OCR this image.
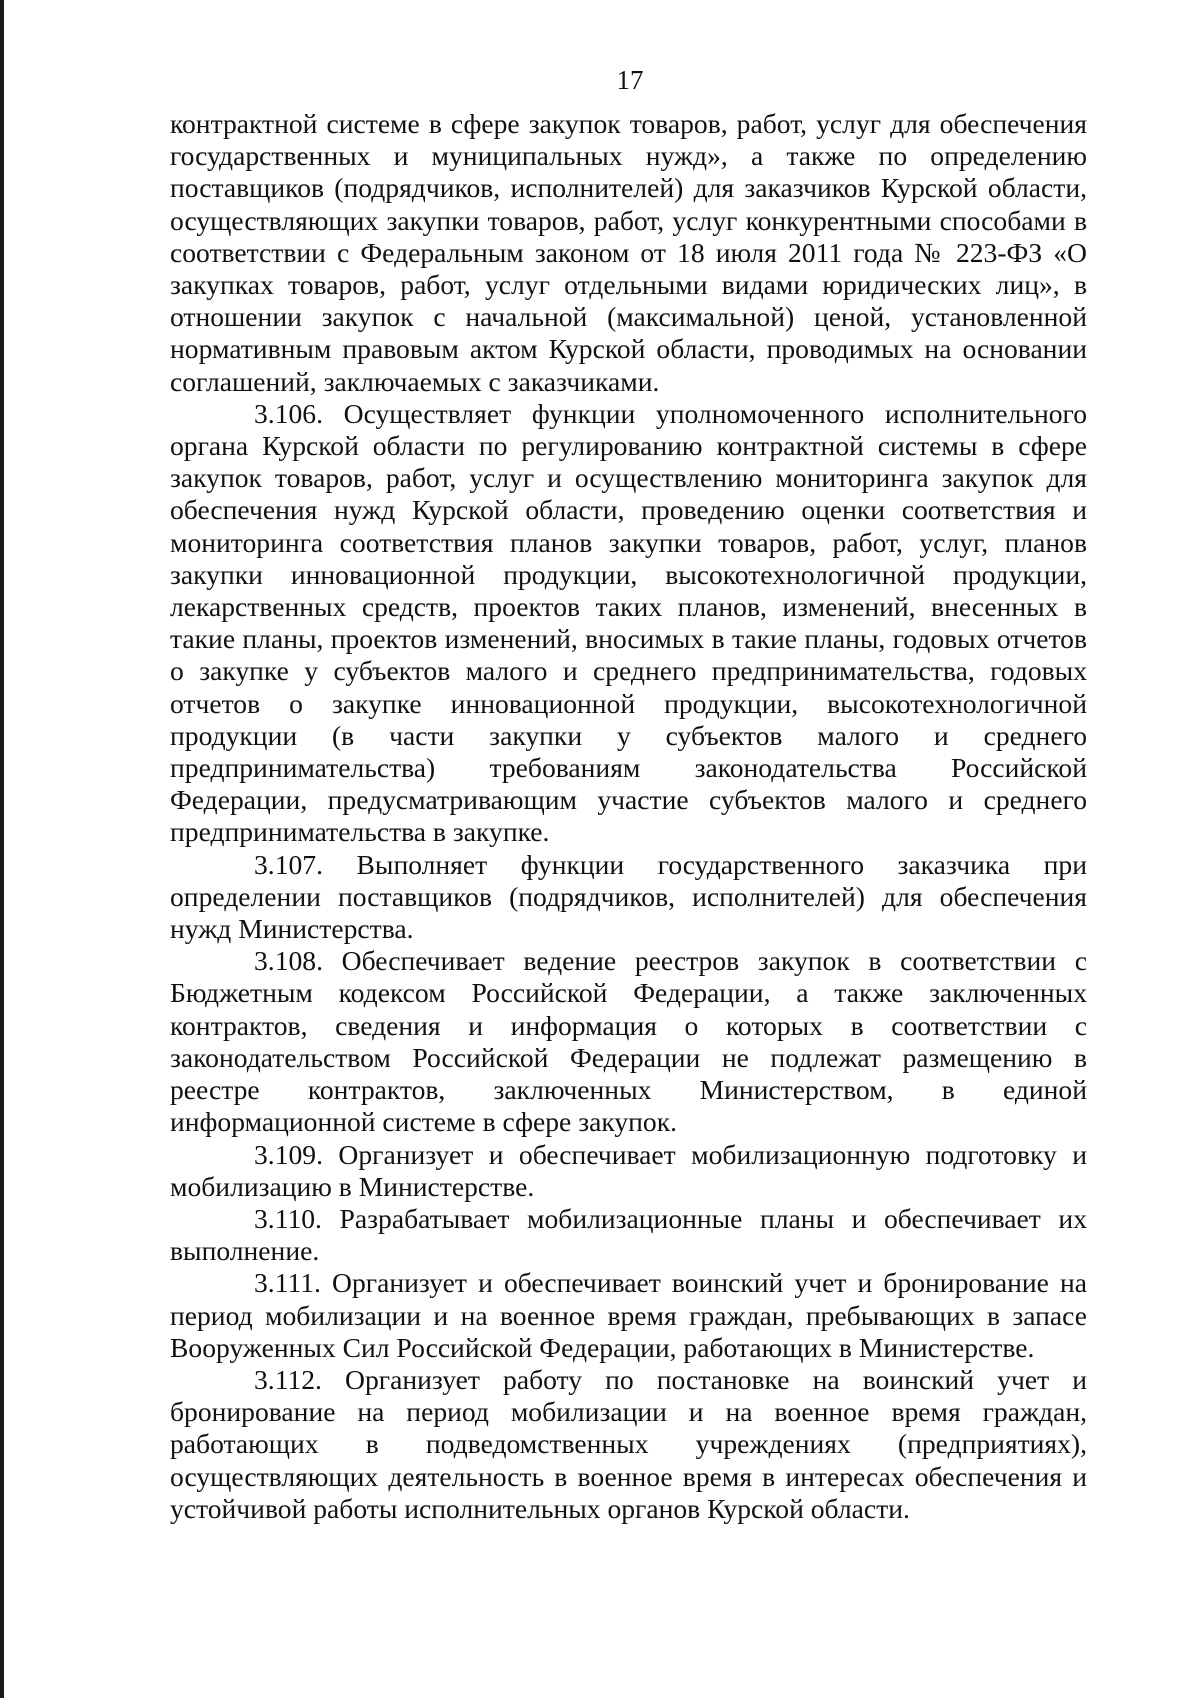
17

контрактной системе в сфере закупок товаров, работ, услуг для обеспечения государственных и муниципальных нужд», а также по определению поставщиков (подрядчиков, исполнителей) для заказчиков Курской области, осуществляющих закупки товаров, работ, услуг конкурентными способами в соответствии с Федеральным законом от 18 июля 2011 года № 223-ФЗ «О закупках товаров, работ, услуг отдельными видами юридических лиц», в отношении закупок с начальной (максимальной) ценой, установленной нормативным правовым актом Курской области, проводимых на основании соглашений, заключаемых с заказчиками.

3.106. Осуществляет функции уполномоченного исполнительного органа Курской области по регулированию контрактной системы в сфере закупок товаров, работ, услуг и осуществлению мониторинга закупок для обеспечения нужд Курской области, проведению оценки соответствия и мониторинга соответствия планов закупки товаров, работ, услуг, планов закупки инновационной продукции, высокотехнологичной продукции, лекарственных средств, проектов таких планов, изменений, внесенных в такие планы, проектов изменений, вносимых в такие планы, годовых отчетов о закупке у субъектов малого и среднего предпринимательства, годовых отчетов о закупке инновационной продукции, высокотехнологичной продукции (в части закупки у субъектов малого и среднего предпринимательства) требованиям законодательства Российской Федерации, предусматривающим участие субъектов малого и среднего предпринимательства в закупке.

3.107. Выполняет функции государственного заказчика при определении поставщиков (подрядчиков, исполнителей) для обеспечения нужд Министерства.

3.108. Обеспечивает ведение реестров закупок в соответствии с Бюджетным кодексом Российской Федерации, а также заключенных контрактов, сведения и информация о которых в соответствии с законодательством Российской Федерации не подлежат размещению в реестре контрактов, заключенных Министерством, в единой информационной системе в сфере закупок.

3.109. Организует и обеспечивает мобилизационную подготовку и мобилизацию в Министерстве.

3.110. Разрабатывает мобилизационные планы и обеспечивает их выполнение.

3.111. Организует и обеспечивает воинский учет и бронирование на период мобилизации и на военное время граждан, пребывающих в запасе Вооруженных Сил Российской Федерации, работающих в Министерстве.

3.112. Организует работу по постановке на воинский учет и бронирование на период мобилизации и на военное время граждан, работающих в подведомственных учреждениях (предприятиях), осуществляющих деятельность в военное время в интересах обеспечения и устойчивой работы исполнительных органов Курской области.
